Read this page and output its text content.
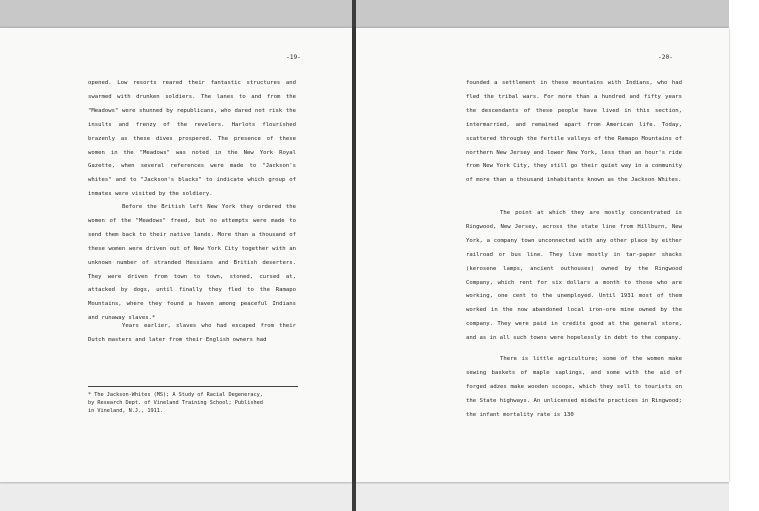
-19-

opened. Low resorts reared their fantastic structures and swarmed with drunken soldiers. The lanes to and from the "Meadows" were shunned by republicans, who dared not risk the insults and frenzy of the revelers. Harlots flourished brazenly as these dives prospered. The presence of these women in the "Meadows" was noted in the New York Royal Gazette, when several references were made to "Jackson's whites" and to "Jackson's blacks" to indicate which group of inmates were visited by the soldiery.

Before the British left New York they ordered the women of the "Meadows" freed, but no attempts were made to send them back to their native lands. More than a thousand of these women were driven out of New York City together with an unknown number of stranded Hessians and British deserters. They were driven from town to town, stoned, cursed at, attacked by dogs, until finally they fled to the Ramapo Mountains, where they found a haven among peaceful Indians and runaway slaves.*

Years earlier, slaves who had escaped from their Dutch masters and later from their English owners had

* The Jackson-Whites (MS); A Study of Racial Degeneracy,
by Research Dept. of Vineland Training School; Published
in Vineland, N.J., 1911.

-20-

founded a settlement in these mountains with Indians, who had fled the tribal wars. For more than a hundred and fifty years the descendants of these people have lived in this section, intermarried, and remained apart from American life. Today, scattered through the fertile valleys of the Ramapo Mountains of northern New Jersey and lower New York, less than an hour's ride from New York City, they still go their quiet way in a community of more than a thousand inhabitants known as the Jackson Whites.

The point at which they are mostly concentrated is Ringwood, New Jersey, across the state line from Hillburn, New York, a company town unconnected with any other place by either railroad or bus line. They live mostly in tar-paper shacks (kerosene lamps, ancient outhouses) owned by the Ringwood Company, which rent for six dollars a month to those who are working, one cent to the unemployed. Until 1931 most of them worked in the now abandoned local iron-ore mine owned by the company. They were paid in credits good at the general store, and as in all such towns were hopelessly in debt to the company.

There is little agriculture; some of the women make sewing baskets of maple saplings, and some with the aid of forged adzes make wooden scoops, which they sell to tourists on the State highways. An unlicensed midwife practices in Ringwood; the infant mortality rate is 130
